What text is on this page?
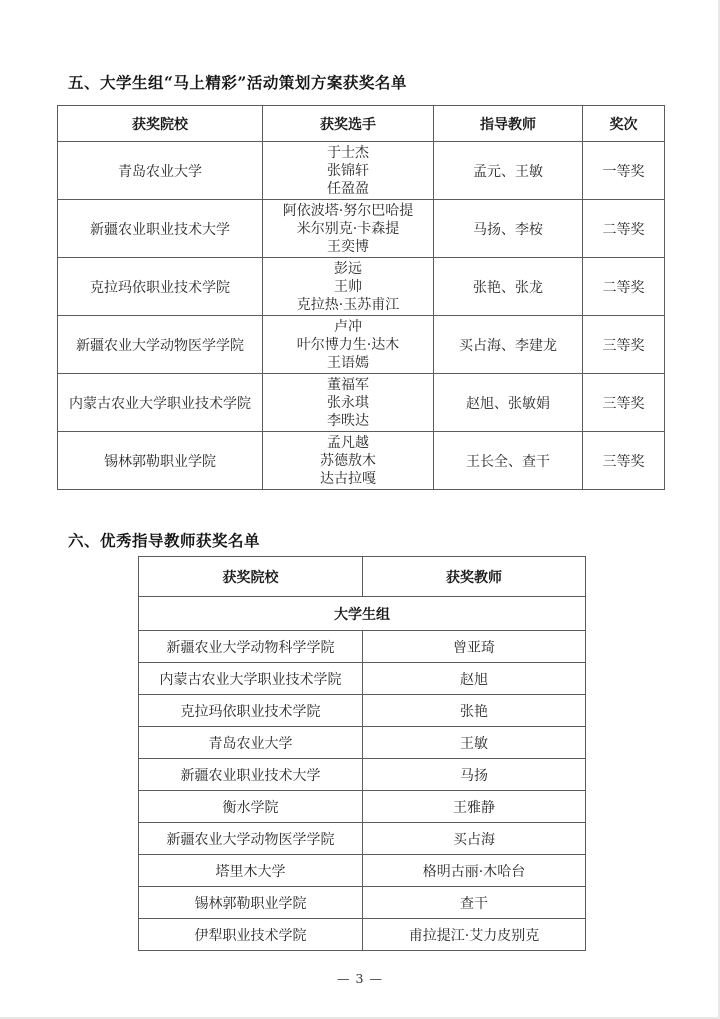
五、大学生组“马上精彩”活动策划方案获奖名单
获奖院校	获奖选手	指导教师	奖次
青岛农业大学	于士杰
张锦轩
任盈盈	孟元、王敏	一等奖
新疆农业职业技术大学	阿依波塔·努尔巴哈提
米尔别克·卡森提
王奕博	马扬、李桉	二等奖
克拉玛依职业技术学院	彭远
王帅
克拉热·玉苏甫江	张艳、张龙	二等奖
新疆农业大学动物医学学院	卢冲
叶尔博力生·达木
王语嫣	买占海、李建龙	三等奖
内蒙古农业大学职业技术学院	董福军
张永琪
李昳达	赵旭、张敏娟	三等奖
锡林郭勒职业学院	孟凡越
苏德敖木
达古拉嘎	王长全、查干	三等奖
六、优秀指导教师获奖名单
获奖院校	获奖教师
大学生组	
新疆农业大学动物科学学院	曾亚琦
内蒙古农业大学职业技术学院	赵旭
克拉玛依职业技术学院	张艳
青岛农业大学	王敏
新疆农业职业技术大学	马扬
衡水学院	王雅静
新疆农业大学动物医学学院	买占海
塔里木大学	格明古丽·木哈台
锡林郭勒职业学院	查干
伊犁职业技术学院	甫拉提江·艾力皮别克
— 3 —
